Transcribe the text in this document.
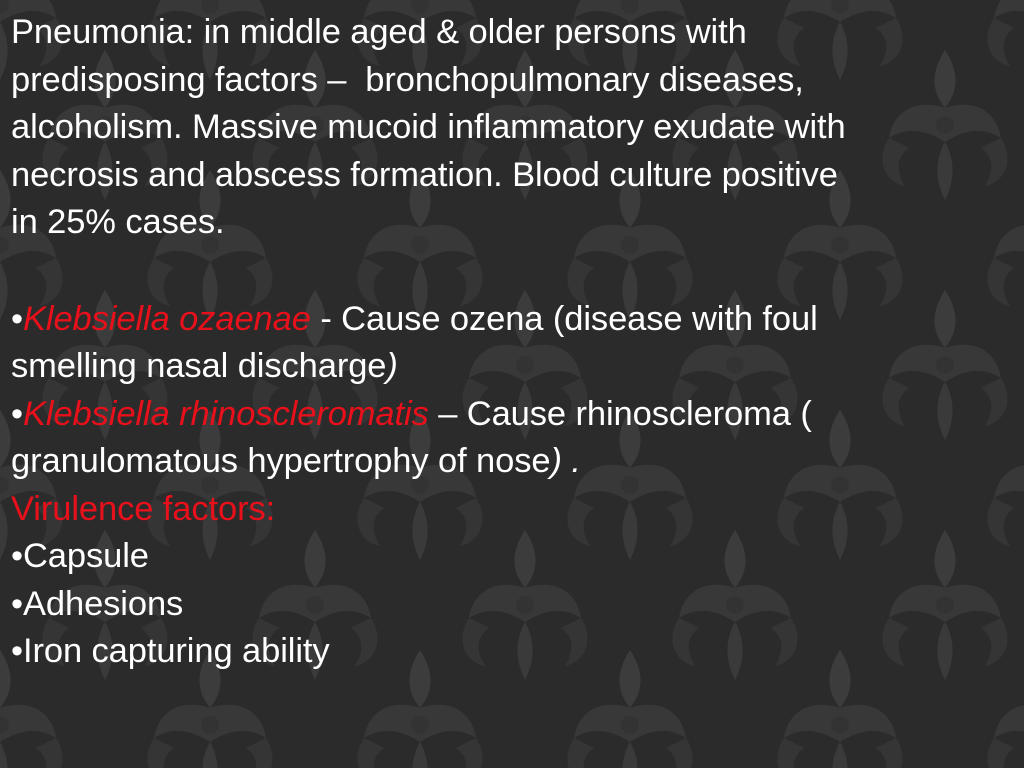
Pneumonia: in middle aged & older persons with
predisposing factors –  bronchopulmonary diseases,
alcoholism. Massive mucoid inflammatory exudate with
necrosis and abscess formation. Blood culture positive
in 25% cases.
•Klebsiella ozaenae - Cause ozena (disease with foul
smelling nasal discharge)
•Klebsiella rhinoscleromatis – Cause rhinoscleroma (
granulomatous hypertrophy of nose) .
Virulence factors:
•Capsule
•Adhesions
•Iron capturing ability
